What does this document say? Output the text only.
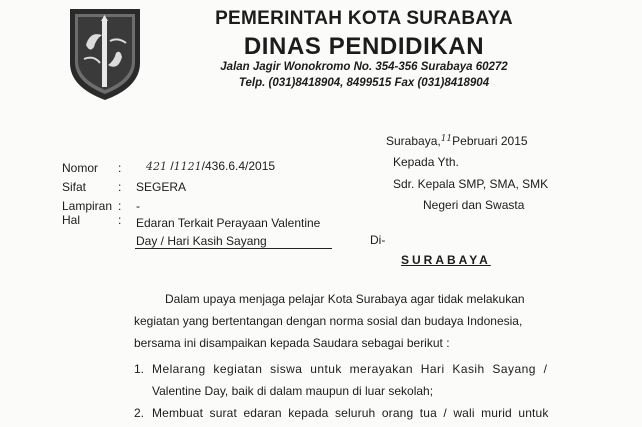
PEMERINTAH KOTA SURABAYA
DINAS PENDIDIKAN
Jalan Jagir Wonokromo No. 354-356 Surabaya 60272
Telp. (031)8418904, 8499515 Fax (031)8418904
Surabaya,$^{11}$Pebruari 2015
Kepada Yth.
Sdr. Kepala SMP, SMA, SMK
Negeri dan Swasta
Di-
SURABAYA
Nomor : 421 /1121/436.6.4/2015
Sifat	: SEGERA
Lampiran : -
Hal	: Edaran Terkait Perayaan Valentine
Day / Hari Kasih Sayang
Dalam upaya menjaga pelajar Kota Surabaya agar tidak melakukan
kegiatan yang bertentangan dengan norma sosial dan budaya Indonesia,
bersama ini disampaikan kepada Saudara sebagai berikut :
1. Melarang kegiatan siswa untuk merayakan Hari Kasih Sayang /
Valentine Day, baik di dalam maupun di luar sekolah;
2. Membuat surat edaran kepada seluruh orang tua / wali murid untuk
